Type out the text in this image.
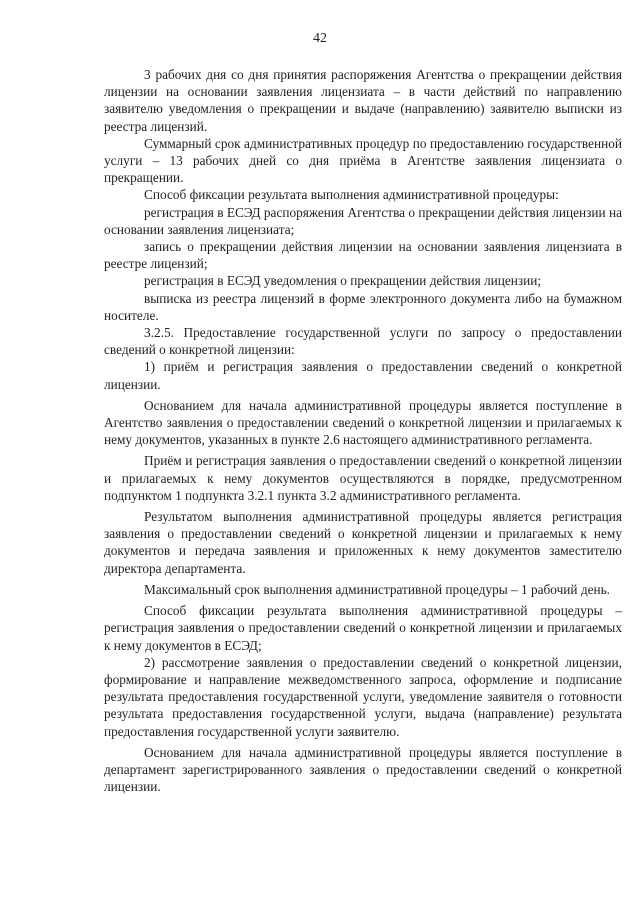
42

3 рабочих дня со дня принятия распоряжения Агентства о прекращении действия лицензии на основании заявления лицензиата – в части действий по направлению заявителю уведомления о прекращении и выдаче (направлению) заявителю выписки из реестра лицензий.

Суммарный срок административных процедур по предоставлению государственной услуги – 13 рабочих дней со дня приёма в Агентстве заявления лицензиата о прекращении.

Способ фиксации результата выполнения административной процедуры:

регистрация в ЕСЭД распоряжения Агентства о прекращении действия лицензии на основании заявления лицензиата;

запись о прекращении действия лицензии на основании заявления лицензиата в реестре лицензий;

регистрация в ЕСЭД уведомления о прекращении действия лицензии;

выписка из реестра лицензий в форме электронного документа либо на бумажном носителе.

3.2.5. Предоставление государственной услуги по запросу о предоставлении сведений о конкретной лицензии:

1) приём и регистрация заявления о предоставлении сведений о конкретной лицензии.

Основанием для начала административной процедуры является поступление в Агентство заявления о предоставлении сведений о конкретной лицензии и прилагаемых к нему документов, указанных в пункте 2.6 настоящего административного регламента.

Приём и регистрация заявления о предоставлении сведений о конкретной лицензии и прилагаемых к нему документов осуществляются в порядке, предусмотренном подпунктом 1 подпункта 3.2.1 пункта 3.2 административного регламента.

Результатом выполнения административной процедуры является регистрация заявления о предоставлении сведений о конкретной лицензии и прилагаемых к нему документов и передача заявления и приложенных к нему документов заместителю директора департамента.

Максимальный срок выполнения административной процедуры – 1 рабочий день.

Способ фиксации результата выполнения административной процедуры – регистрация заявления о предоставлении сведений о конкретной лицензии и прилагаемых к нему документов в ЕСЭД;

2) рассмотрение заявления о предоставлении сведений о конкретной лицензии, формирование и направление межведомственного запроса, оформление и подписание результата предоставления государственной услуги, уведомление заявителя о готовности результата предоставления государственной услуги, выдача (направление) результата предоставления государственной услуги заявителю.

Основанием для начала административной процедуры является поступление в департамент зарегистрированного заявления о предоставлении сведений о конкретной лицензии.
